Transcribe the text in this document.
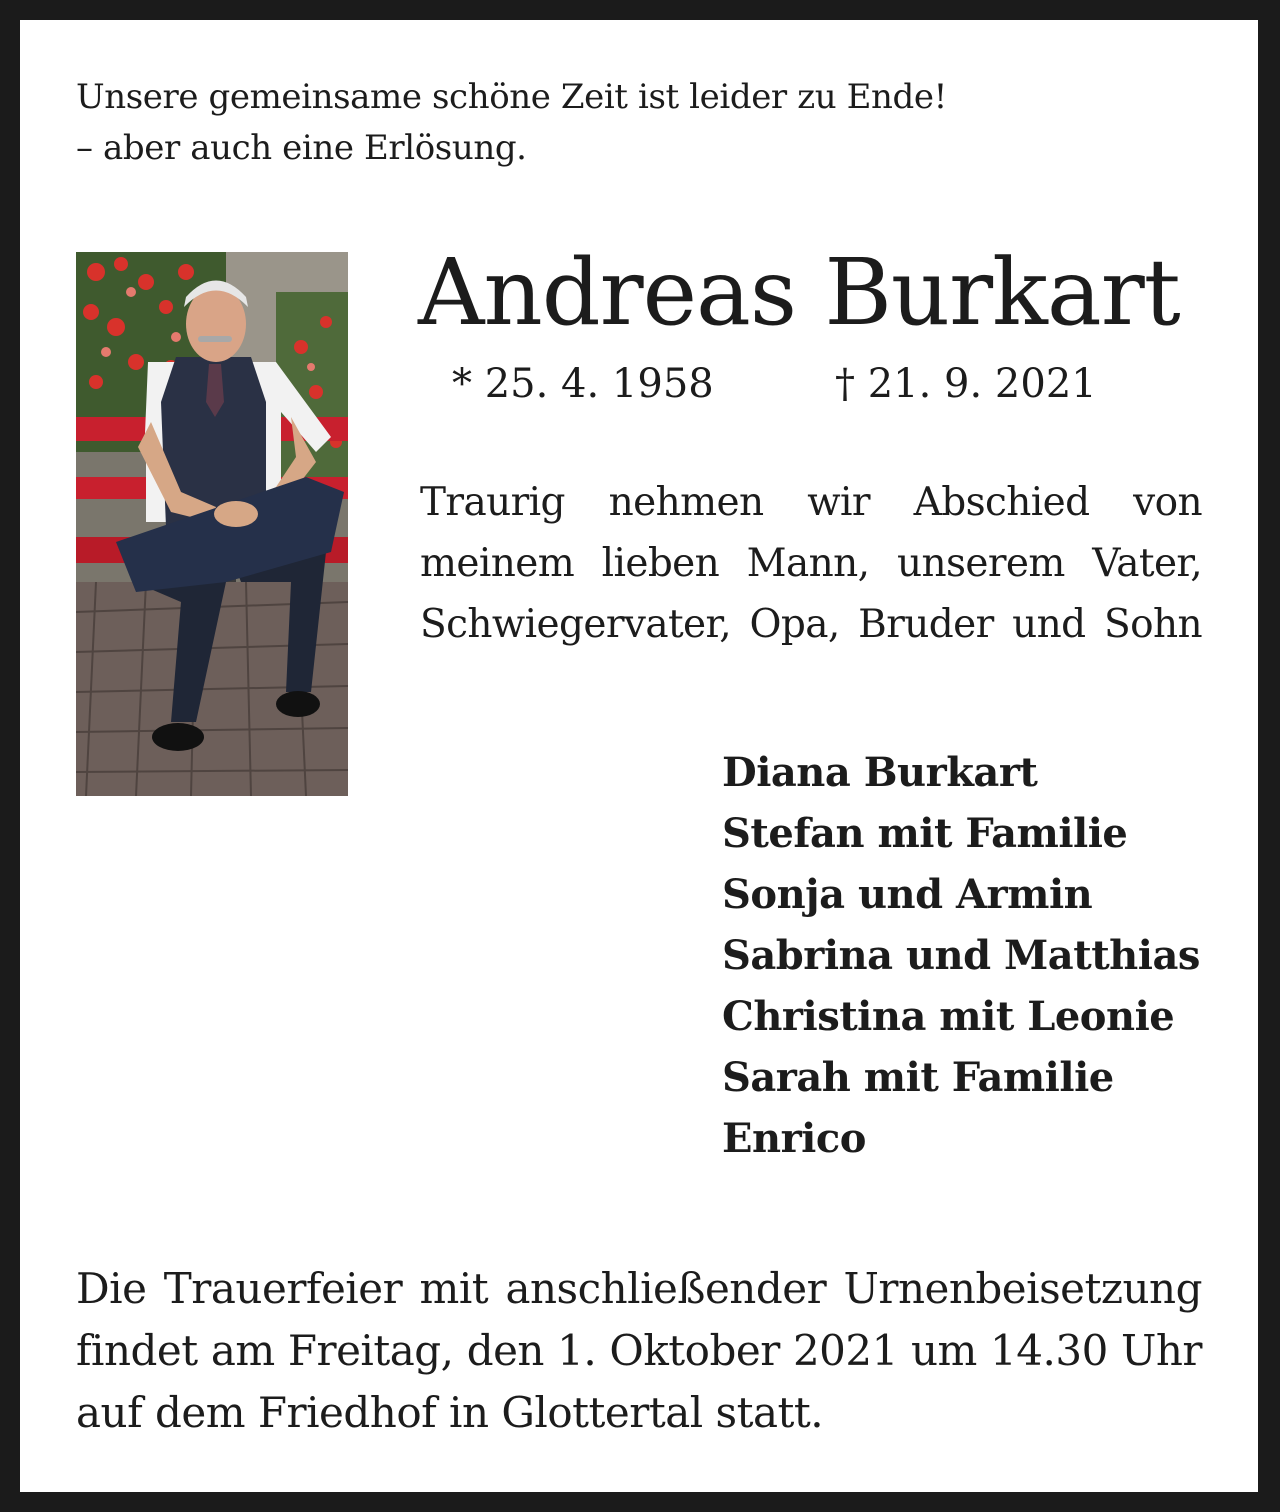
Unsere gemeinsame schöne Zeit ist leider zu Ende!
– aber auch eine Erlösung.
Andreas Burkart
* 25. 4. 1958	† 21. 9. 2021
Traurig nehmen wir Abschied von
meinem lieben Mann, unserem Vater,
Schwiegervater, Opa, Bruder und Sohn
Diana Burkart
Stefan mit Familie
Sonja und Armin
Sabrina und Matthias
Christina mit Leonie
Sarah mit Familie
Enrico
Die Trauerfeier mit anschließender Urnenbeisetzung
findet am Freitag, den 1. Oktober 2021 um 14.30 Uhr
auf dem Friedhof in Glottertal statt.
